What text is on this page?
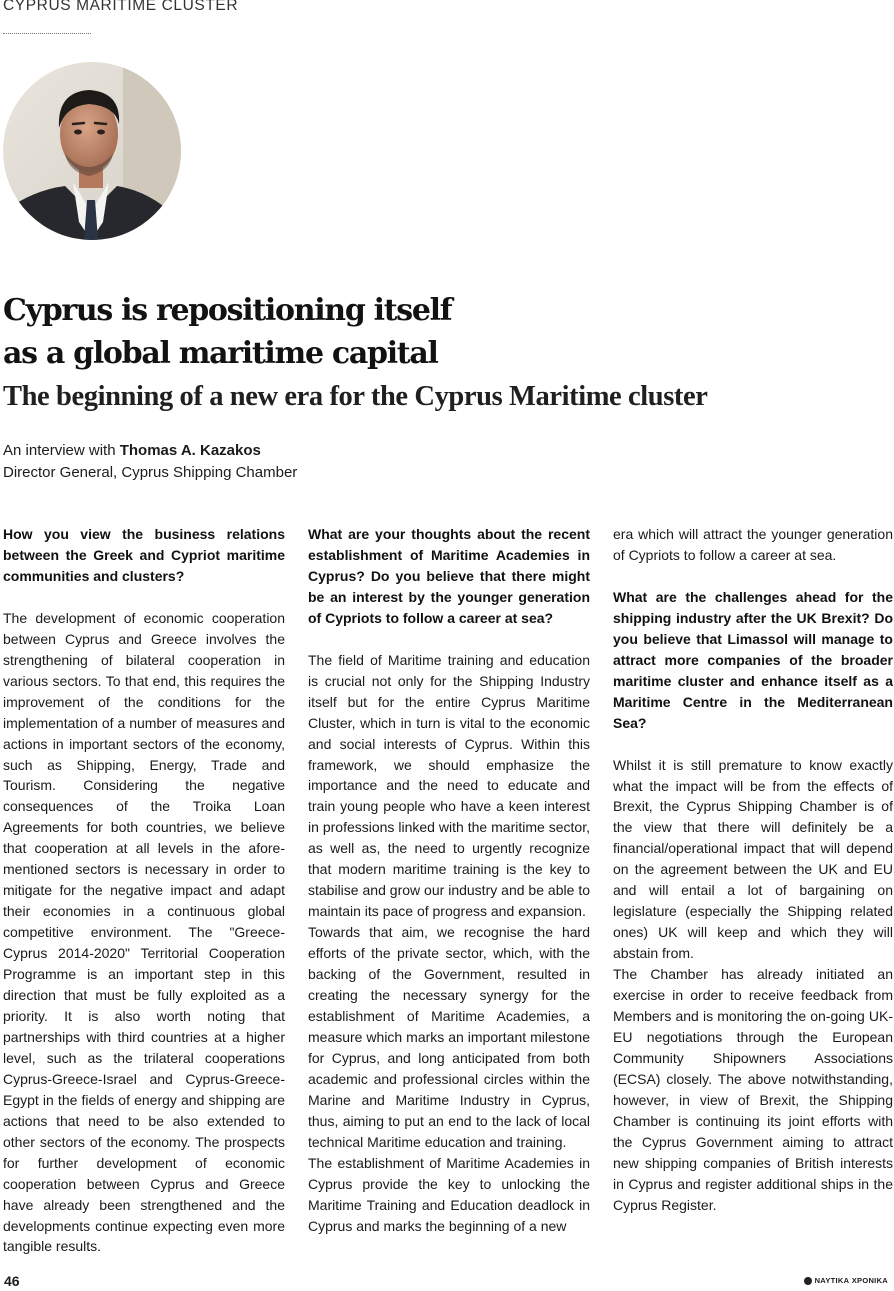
CYPRUS MARITIME CLUSTER
Cyprus is repositioning itself
as a global maritime capital
The beginning of a new era for the Cyprus Maritime cluster
An interview with Thomas A. Kazakos
Director General, Cyprus Shipping Chamber

How you view the business relations between the Greek and Cypriot maritime communities and clusters?

The development of economic cooperation between Cyprus and Greece involves the strengthening of bilateral cooperation in various sectors. To that end, this requires the improvement of the conditions for the implementation of a number of measures and actions in important sectors of the economy, such as Shipping, Energy, Trade and Tourism. Considering the negative consequences of the Troika Loan Agreements for both countries, we believe that cooperation at all levels in the afore-mentioned sectors is necessary in order to mitigate for the negative impact and adapt their economies in a continuous global competitive environment. The "Greece-Cyprus 2014-2020" Territorial Cooperation Programme is an important step in this direction that must be fully exploited as a priority. It is also worth noting that partnerships with third countries at a higher level, such as the trilateral cooperations Cyprus-Greece-Israel and Cyprus-Greece-Egypt in the fields of energy and shipping are actions that need to be also extended to other sectors of the economy. The prospects for further development of economic cooperation between Cyprus and Greece have already been strengthened and the developments continue expecting even more tangible results.

What are your thoughts about the recent establishment of Maritime Academies in Cyprus? Do you believe that there might be an interest by the younger generation of Cypriots to follow a career at sea?

The field of Maritime training and education is crucial not only for the Shipping Industry itself but for the entire Cyprus Maritime Cluster, which in turn is vital to the economic and social interests of Cyprus. Within this framework, we should emphasize the importance and the need to educate and train young people who have a keen interest in professions linked with the maritime sector, as well as, the need to urgently recognize that modern maritime training is the key to stabilise and grow our industry and be able to maintain its pace of progress and expansion.

Towards that aim, we recognise the hard efforts of the private sector, which, with the backing of the Government, resulted in creating the necessary synergy for the establishment of Maritime Academies, a measure which marks an important milestone for Cyprus, and long anticipated from both academic and professional circles within the Marine and Maritime Industry in Cyprus, thus, aiming to put an end to the lack of local technical Maritime education and training.

The establishment of Maritime Academies in Cyprus provide the key to unlocking the Maritime Training and Education deadlock in Cyprus and marks the beginning of a new

era which will attract the younger generation of Cypriots to follow a career at sea.

What are the challenges ahead for the shipping industry after the UK Brexit? Do you believe that Limassol will manage to attract more companies of the broader maritime cluster and enhance itself as a Maritime Centre in the Mediterranean Sea?

Whilst it is still premature to know exactly what the impact will be from the effects of Brexit, the Cyprus Shipping Chamber is of the view that there will definitely be a financial/operational impact that will depend on the agreement between the UK and EU and will entail a lot of bargaining on legislature (especially the Shipping related ones) UK will keep and which they will abstain from.

The Chamber has already initiated an exercise in order to receive feedback from Members and is monitoring the on-going UK-EU negotiations through the European Community Shipowners Associations (ECSA) closely. The above notwithstanding, however, in view of Brexit, the Shipping Chamber is continuing its joint efforts with the Cyprus Government aiming to attract new shipping companies of British interests in Cyprus and register additional ships in the Cyprus Register.

46	ΝΑΥΤΙΚΑ ΧΡΟΝΙΚΑ
